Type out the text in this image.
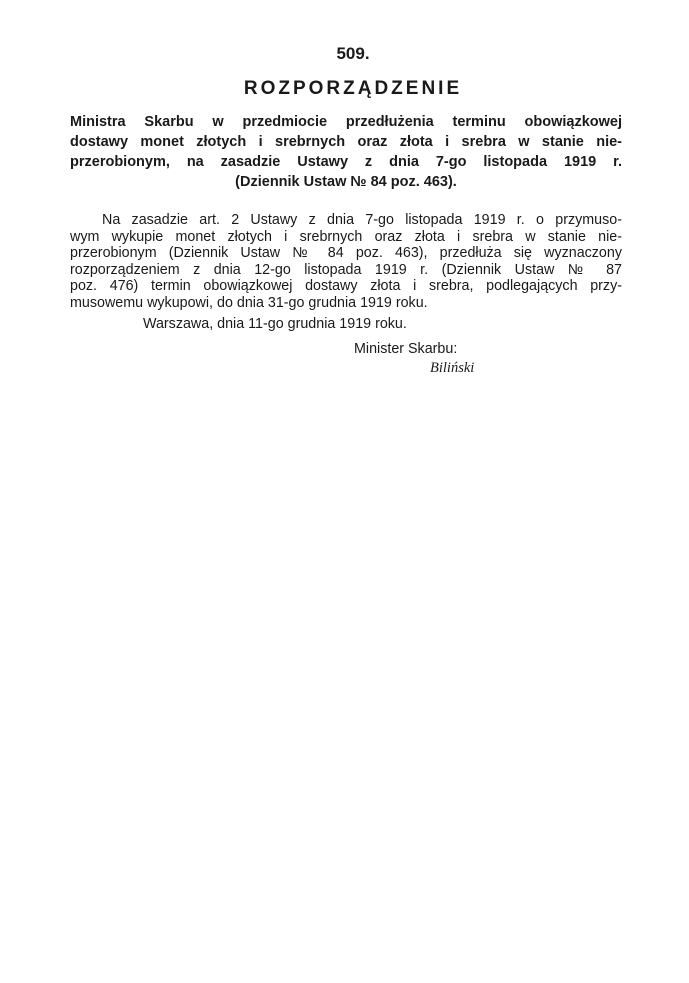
509.
ROZPORZĄDZENIE
Ministra Skarbu w przedmiocie przedłużenia terminu obowiązkowej
dostawy monet złotych i srebrnych oraz złota i srebra w stanie nie-
przerobionym, na zasadzie Ustawy z dnia 7-go listopada 1919 r.
(Dziennik Ustaw № 84 poz. 463).
Na zasadzie art. 2 Ustawy z dnia 7-go listopada 1919 r. o przymuso-
wym wykupie monet złotych i srebrnych oraz złota i srebra w stanie nie-
przerobionym (Dziennik Ustaw № 84 poz. 463), przedłuża się wyznaczony
rozporządzeniem z dnia 12-go listopada 1919 r. (Dziennik Ustaw № 87
poz. 476) termin obowiązkowej dostawy złota i srebra, podlegających przy-
musowemu wykupowi, do dnia 31-go grudnia 1919 roku.
Warszawa, dnia 11-go grudnia 1919 roku.
Minister Skarbu:
Biliński
